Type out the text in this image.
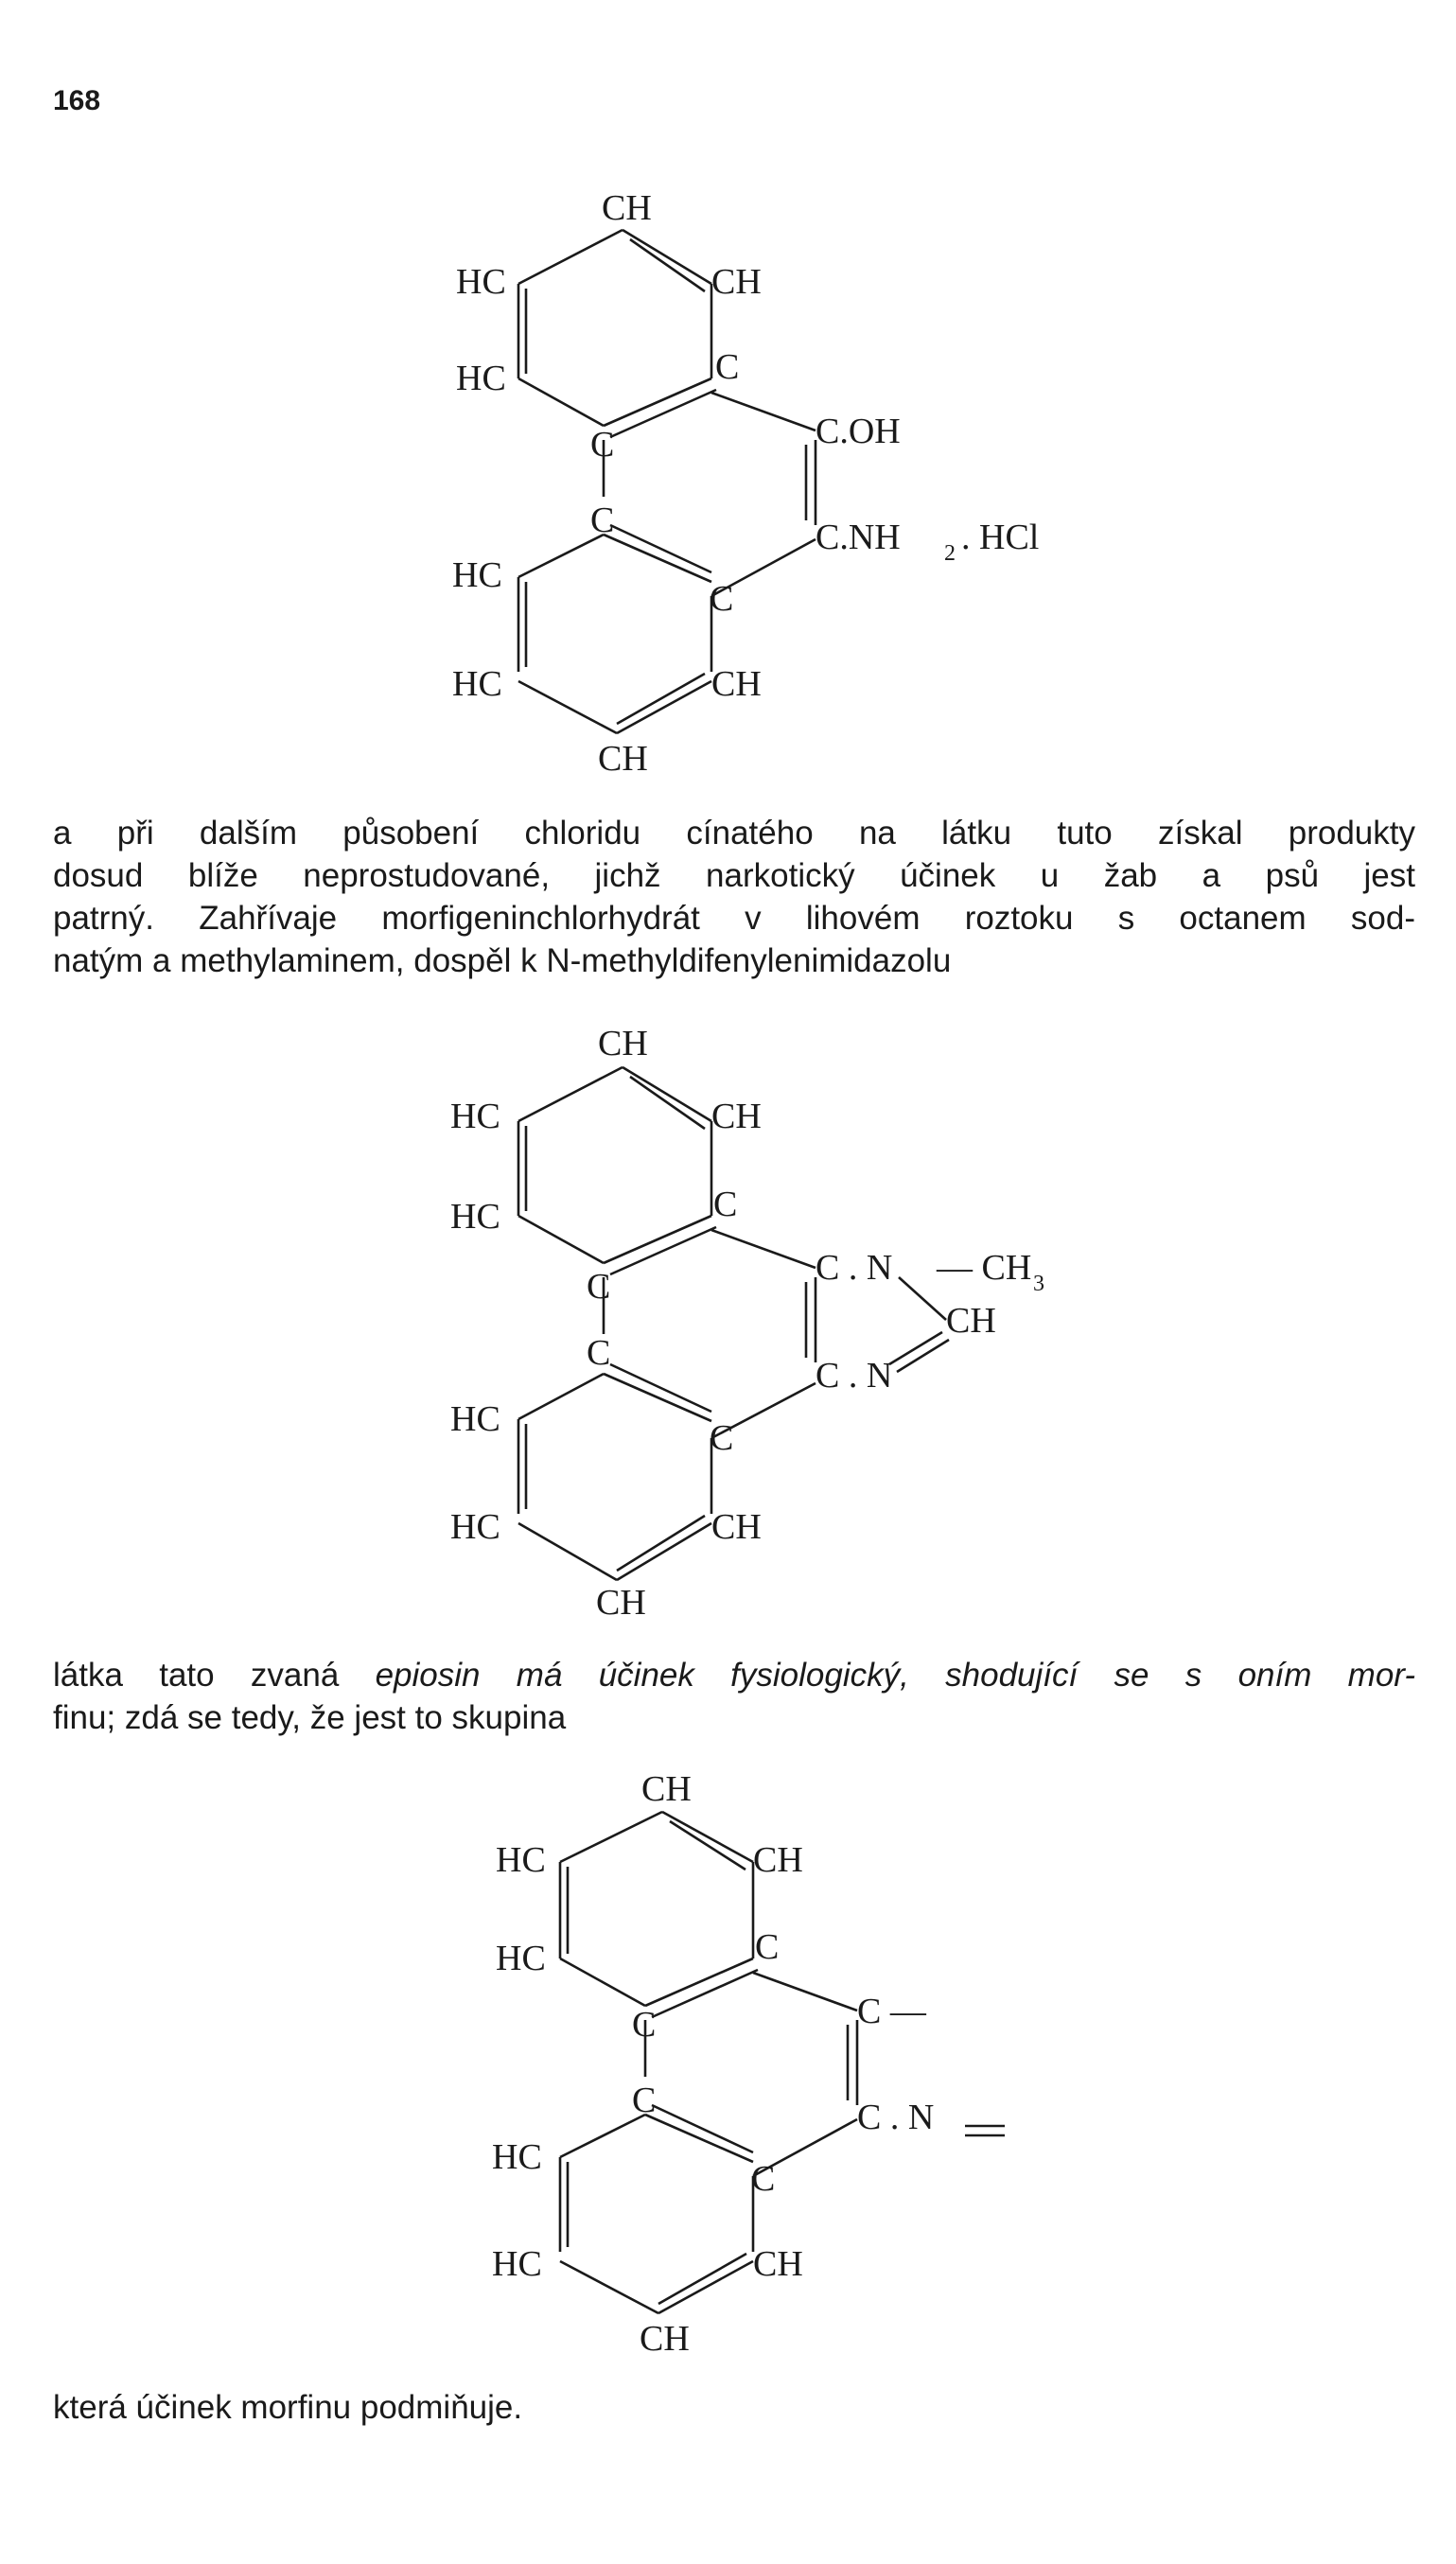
168
CH
HC	CH
HC	C
C	C.OH
C	C.NH 2 . HCl
HC
C
HC	CH
CH
a při dalším působení chloridu cínatého na látku tuto získal produkty
dosud blíže neprostudované, jichž narkotický účinek u žab a psů jest
patrný. Zahřívaje morfigeninchlorhydrát v lihovém roztoku s octanem sod-
natým a methylaminem, dospěl k N-methyldifenylenimidazolu
CH
HC	CH
HC	C
C	C . N — CH 3
CH
C
C . N
HC	C
HC	CH
CH
látka tato zvaná epiosin má účinek fysiologický, shodující se s oním mor-
finu; zdá se tedy, že jest to skupina
CH
HC	CH
HC	C
C	C —
C	C . N
HC
C
HC	CH
CH
která účinek morfinu podmiňuje.
